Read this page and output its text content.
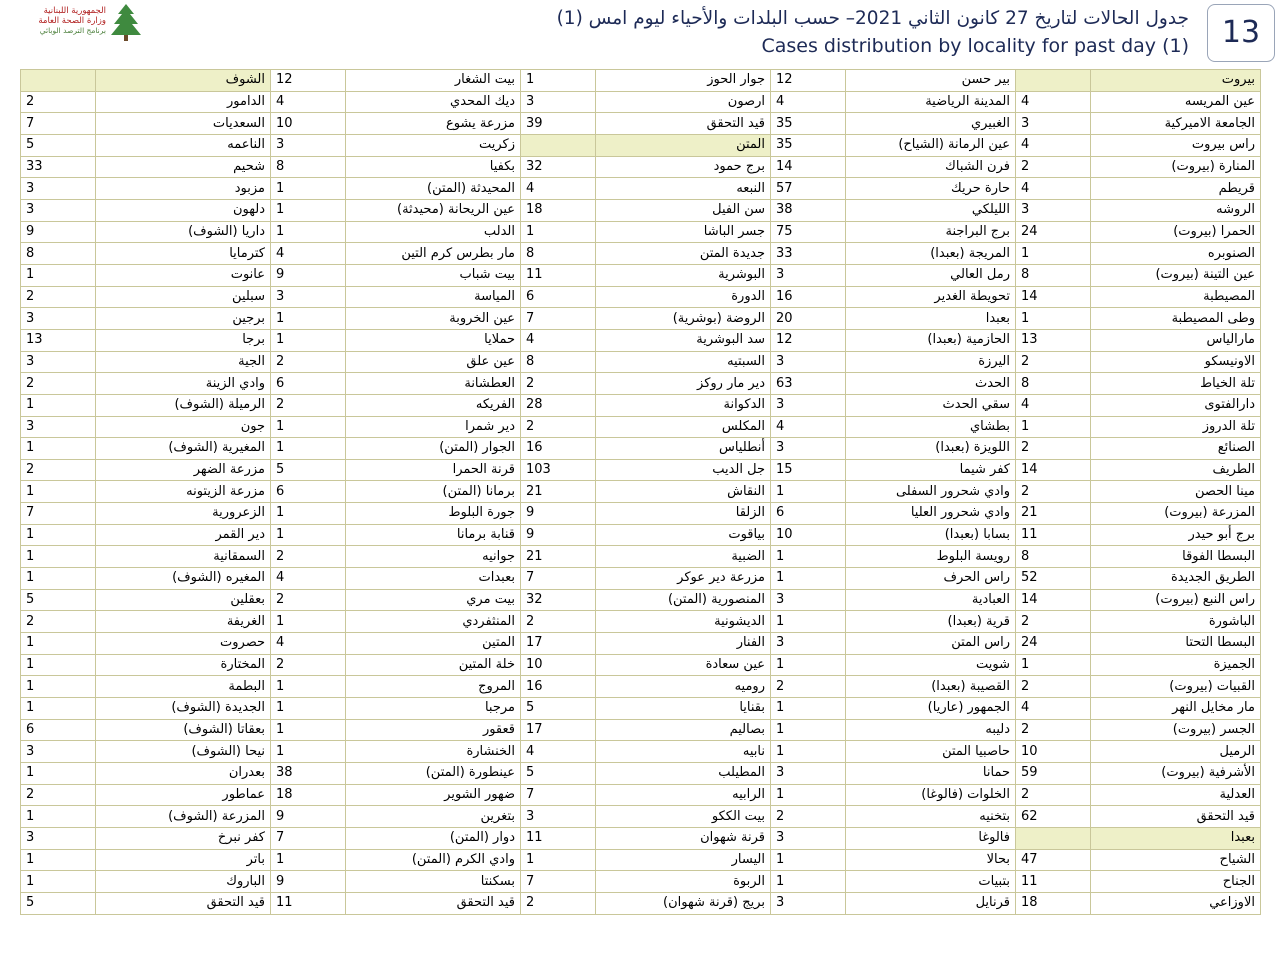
الجمهورية اللبنانية
وزارة الصحة العامة
برنامج الترصد الوبائي
جدول الحالات لتاريخ 27 كانون الثاني 2021– حسب البلدات والأحياء ليوم امس (1)
Cases distribution by locality for past day (1)	13
	الشوف	12	بيت الشغار	1	جوار الحوز	12	بير حسن		بيروت
2	الدامور	4	ديك المحدي	3	ارصون	4	المدينة الرياضية	4	عين المريسه
7	السعديات	10	مزرعة يشوع	39	قيد التحقق	35	الغبيري	3	الجامعة الاميركية
5	الناعمه	3	زكريت		المتن	35	عين الرمانة (الشياح)	4	راس بيروت
33	شحيم	8	بكفيا	32	برج حمود	14	فرن الشباك	2	المنارة (بيروت)
3	مزبود	1	المحيدثة (المتن)	4	النبعه	57	حارة حريك	4	قريطم
3	دلهون	1	عين الريحانة (محيدثة)	18	سن الفيل	38	الليلكي	3	الروشه
9	داريا (الشوف)	1	الدلب	1	جسر الباشا	75	برج البراجنة	24	الحمرا (بيروت)
8	كترمايا	4	مار بطرس كرم التين	8	جديدة المتن	33	المريجة (بعبدا)	1	الصنوبره
1	عانوت	9	بيت شباب	11	البوشرية	3	رمل العالي	8	عين التينة (بيروت)
2	سبلين	3	المياسة	6	الدورة	16	تحويطة الغدير	14	المصيطبة
3	برجين	1	عين الخروبة	7	الروضة (بوشرية)	20	بعبدا	1	وطى المصيطبة
13	برجا	1	حملايا	4	سد البوشرية	12	الحازمية (بعبدا)	13	مارالياس
3	الجية	2	عين علق	8	السبتيه	3	اليرزة	2	الاونيسكو
2	وادي الزينة	6	العطشانة	2	دير مار روكز	63	الحدث	8	تلة الخياط
1	الرميلة (الشوف)	2	الفريكه	28	الدكوانة	3	سقي الحدث	4	دارالفتوى
3	جون	1	دير شمرا	2	المكلس	4	بطشاي	1	تلة الدروز
1	المغيرية (الشوف)	1	الجوار (المتن)	16	أنطلياس	3	اللويزة (بعبدا)	2	الصنائع
2	مزرعة الضهر	5	قرنة الحمرا	103	جل الديب	15	كفر شيما	14	الطريف
1	مزرعة الزيتونه	6	برمانا (المتن)	21	النقاش	1	وادي شحرور السفلى	2	مينا الحصن
7	الزعرورية	1	جورة البلوط	9	الزلقا	6	وادي شحرور العليا	21	المزرعة (بيروت)
1	دير القمر	1	قنابة برمانا	9	بياقوت	10	بسابا (بعبدا)	11	برج أبو حيدر
1	السمقانية	2	جوانيه	21	الضبية	1	رويسة البلوط	8	البسطا الفوقا
1	المغيره (الشوف)	4	بعبدات	7	مزرعة دير عوكر	1	راس الحرف	52	الطريق الجديدة
5	بعقلين	2	بيت مري	32	المنصورية (المتن)	3	العبادية	14	راس النبع (بيروت)
2	الغريفة	1	المنثفردي	2	الديشونية	1	قرية (بعبدا)	2	الباشورة
1	حصروت	4	المتين	17	الفنار	3	راس المتن	24	البسطا التحتا
1	المختارة	2	خلة المتين	10	عين سعادة	1	شويت	1	الجميزة
1	البطمة	1	المروج	16	روميه	2	القصيبة (بعبدا)	2	القبيات (بيروت)
1	الجديدة (الشوف)	1	مرجبا	5	بقنايا	1	الجمهور (عاريا)	4	مار مخايل النهر
6	بعقاتا (الشوف)	1	قعقور	17	بصاليم	1	دليبه	2	الجسر (بيروت)
3	نيحا (الشوف)	1	الخنشارة	4	نابيه	1	حاصبيا المتن	10	الرميل
1	بعدران	38	عينطورة (المتن)	5	المطيلب	3	حمانا	59	الأشرفية (بيروت)
2	عماطور	18	ضهور الشوير	7	الرابيه	1	الخلوات (فالوغا)	2	العدلية
1	المزرعة (الشوف)	9	بتغرين	3	بيت الككو	2	بتخنيه	62	قيد التحقق
3	كفر نبرخ	7	دوار (المتن)	11	قرنة شهوان	3	فالوغا		بعبدا
1	باتر	1	وادي الكرم (المتن)	1	اليسار	1	بحالا	47	الشياح
1	الباروك	9	بسكنتا	7	الربوة	1	بتبيات	11	الجناح
5	قيد التحقق	11	قيد التحقق	2	بريج (قرنة شهوان)	3	قرنايل	18	الاوزاعي
